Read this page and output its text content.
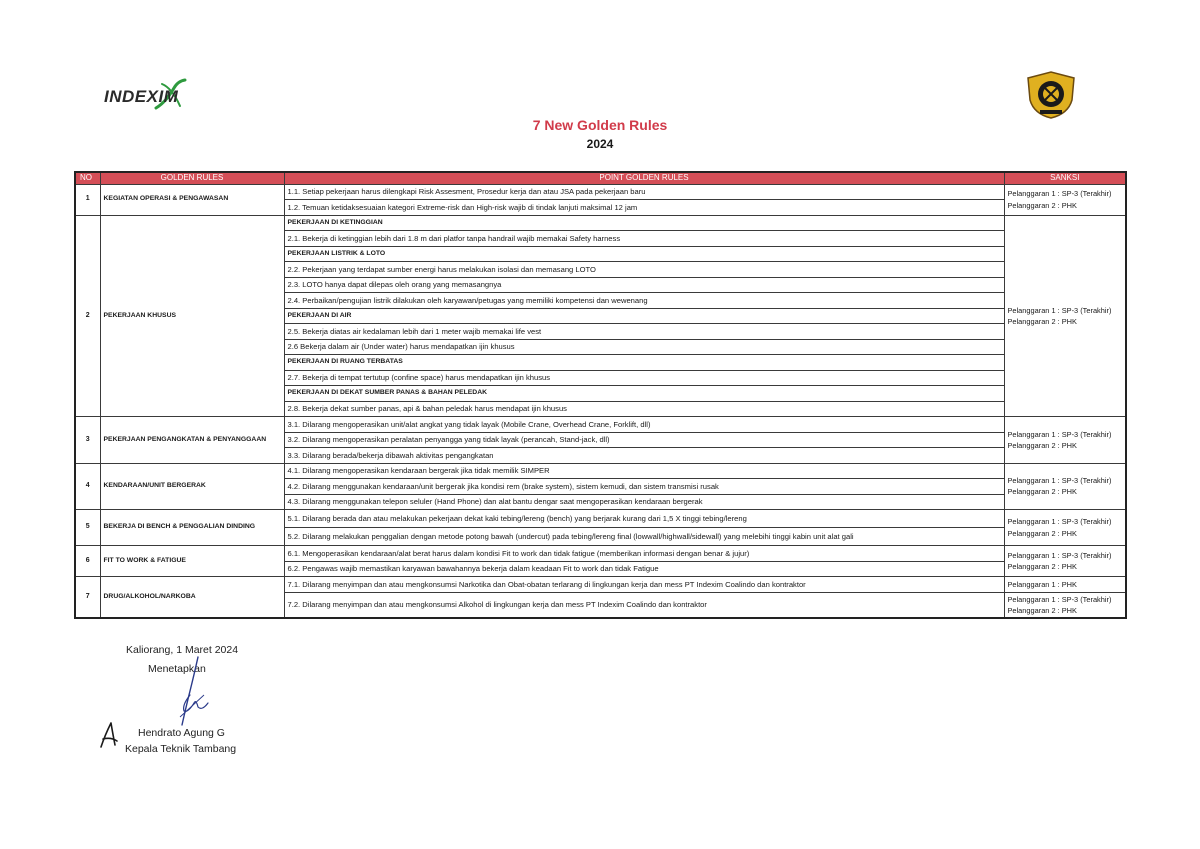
INDEXIM
7 New Golden Rules
2024
NO	GOLDEN RULES	POINT GOLDEN RULES	SANKSI
1	KEGIATAN OPERASI & PENGAWASAN	1.1. Setiap pekerjaan harus dilengkapi Risk Assesment, Prosedur kerja dan atau JSA pada pekerjaan baru	Pelanggaran 1 : SP-3 (Terakhir)
Pelanggaran 2 : PHK

		1.2. Temuan ketidaksesuaian kategori Extreme-risk dan High-risk wajib di tindak lanjuti maksimal 12 jam	
2	PEKERJAAN KHUSUS	PEKERJAAN DI KETINGGIAN	Pelanggaran 1 : SP-3 (Terakhir)
Pelanggaran 2 : PHK

		2.1. Bekerja di ketinggian lebih dari 1.8 m dari platfor tanpa handrail wajib memakai Safety harness	
		PEKERJAAN LISTRIK & LOTO	
		2.2. Pekerjaan yang terdapat sumber energi harus melakukan isolasi dan memasang LOTO	
		2.3. LOTO hanya dapat dilepas oleh orang yang memasangnya	
		2.4. Perbaikan/pengujian listrik dilakukan oleh karyawan/petugas yang memiliki kompetensi dan wewenang	
		PEKERJAAN DI AIR	
		2.5. Bekerja diatas air kedalaman lebih dari 1 meter wajib memakai life vest	
		2.6 Bekerja dalam air (Under water) harus mendapatkan ijin khusus	
		PEKERJAAN DI RUANG TERBATAS	
		2.7. Bekerja di tempat tertutup (confine space) harus mendapatkan ijin khusus	
		PEKERJAAN DI DEKAT SUMBER PANAS & BAHAN PELEDAK	
		2.8. Bekerja dekat sumber panas, api & bahan peledak harus mendapat ijin khusus	
3	PEKERJAAN PENGANGKATAN & PENYANGGAAN	3.1. Dilarang mengoperasikan unit/alat angkat yang tidak layak (Mobile Crane, Overhead Crane, Forklift, dll)	Pelanggaran 1 : SP-3 (Terakhir)
Pelanggaran 2 : PHK

		3.2. Dilarang mengoperasikan peralatan penyangga yang tidak layak (perancah, Stand-jack, dll)	
		3.3. Dilarang berada/bekerja dibawah aktivitas pengangkatan	
4	KENDARAAN/UNIT BERGERAK	4.1. Dilarang mengoperasikan kendaraan bergerak jika tidak memilik SIMPER	Pelanggaran 1 : SP-3 (Terakhir)
Pelanggaran 2 : PHK

		4.2. Dilarang menggunakan kendaraan/unit bergerak jika kondisi rem (brake system), sistem kemudi, dan sistem transmisi rusak	
		4.3. Dilarang menggunakan telepon seluler (Hand Phone) dan alat bantu dengar saat mengoperasikan kendaraan bergerak	
5	BEKERJA DI BENCH & PENGGALIAN DINDING	5.1. Dilarang berada dan atau melakukan pekerjaan dekat kaki tebing/lereng (bench) yang berjarak kurang dari 1,5 X tinggi tebing/lereng	Pelanggaran 1 : SP-3 (Terakhir)
Pelanggaran 2 : PHK

		5.2. Dilarang melakukan penggalian dengan metode potong bawah (undercut) pada tebing/lereng final (lowwall/highwall/sidewall) yang melebihi tinggi kabin unit alat gali	
6	FIT TO WORK & FATIGUE	6.1. Mengoperasikan kendaraan/alat berat harus dalam kondisi Fit to work dan tidak fatigue (memberikan informasi dengan benar & jujur)	Pelanggaran 1 : SP-3 (Terakhir)
Pelanggaran 2 : PHK

		6.2. Pengawas wajib memastikan karyawan bawahannya bekerja dalam keadaan Fit to work dan tidak Fatigue	
7	DRUG/ALKOHOL/NARKOBA	7.1. Dilarang menyimpan dan atau mengkonsumsi Narkotika dan Obat-obatan terlarang di lingkungan kerja dan mess PT Indexim Coalindo dan kontraktor	Pelanggaran 1 : PHK

		7.2. Dilarang menyimpan dan atau mengkonsumsi Alkohol di lingkungan kerja dan mess PT Indexim Coalindo dan kontraktor	Pelanggaran 1 : SP-3 (Terakhir)
Pelanggaran 2 : PHK
Kaliorang, 1 Maret 2024
Menetapkan
Hendrato Agung G
Kepala Teknik Tambang
